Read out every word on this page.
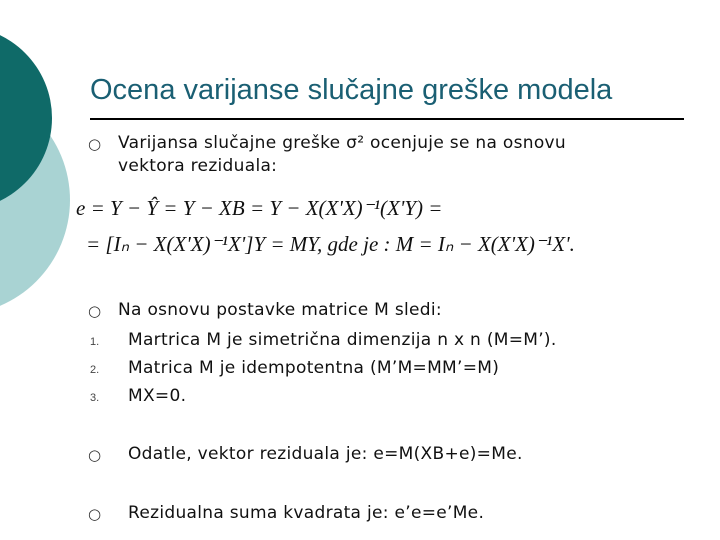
Ocena varijanse slučajne greške modela
○ Varijansa slučajne greške σ² ocenjuje se na osnovu
vektora reziduala:
e = Y − Ŷ = Y − XB = Y − X(X'X)⁻¹(X'Y) =
= [Iₙ − X(X'X)⁻¹X']Y = MY, gde je : M = Iₙ − X(X'X)⁻¹X'.
○ Na osnovu postavke matrice M sledi:
1. Martrica M je simetrična dimenzija n x n (M=M’).
2. Matrica M je idempotentna (M’M=MM’=M)
3. MX=0.
○ Odatle, vektor reziduala je: e=M(XB+e)=Me.
○ Rezidualna suma kvadrata je: e’e=e’Me.
